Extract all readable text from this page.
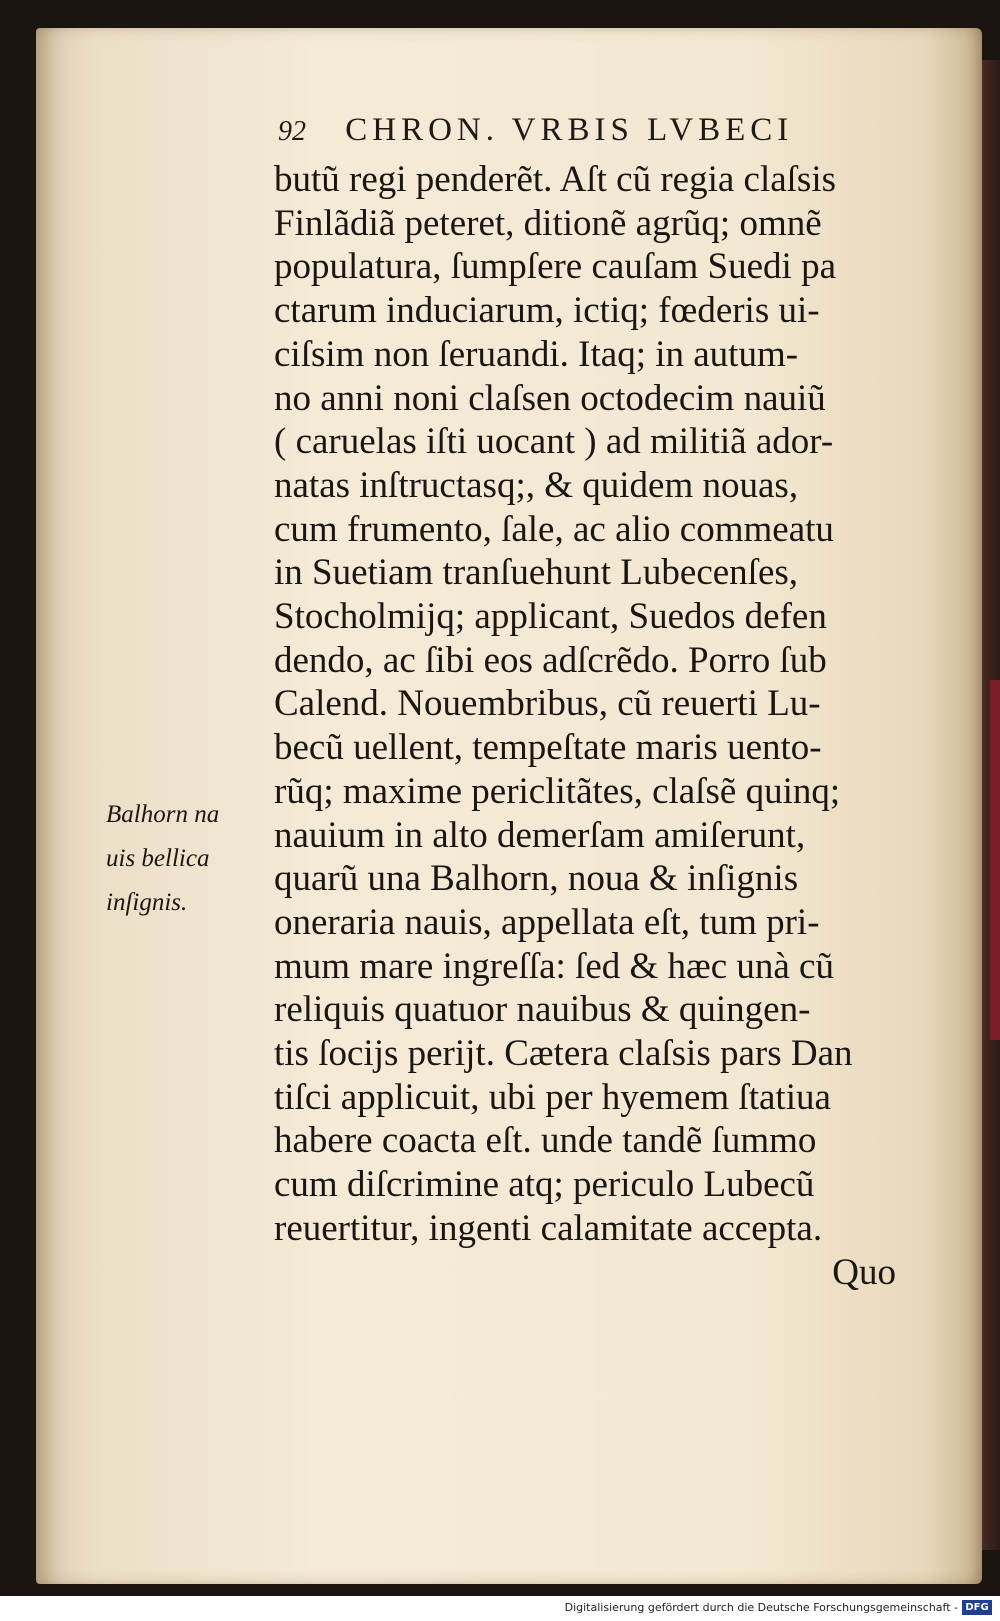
92 CHRON. VRBIS LVBECI
butũ regi penderẽt. Aſt cũ regia claſsis
Finlãdiã peteret, ditionẽ agrũq; omnẽ
populatura, ſumpſere cauſam Suedi pa
ctarum induciarum, ictiq; fœderis ui-
ciſsim non ſeruandi. Itaq; in autum-
no anni noni claſsen octodecim nauiũ
( caruelas iſti uocant ) ad militiã ador-
natas inſtructasq;, & quidem nouas,
cum frumento, ſale, ac alio commeatu
in Suetiam tranſuehunt Lubecenſes,
Stocholmijq; applicant, Suedos defen
dendo, ac ſibi eos adſcrẽdo. Porro ſub
Calend. Nouembribus, cũ reuerti Lu-
becũ uellent, tempeſtate maris uento-
rũq; maxime periclitãtes, claſsẽ quinq;
nauium in alto demerſam amiſerunt,
quarũ una Balhorn, noua & inſignis
oneraria nauis, appellata eſt, tum pri-
mum mare ingreſſa: ſed & hæc unà cũ
reliquis quatuor nauibus & quingen-
tis ſocijs perijt. Cætera claſsis pars Dan
tiſci applicuit, ubi per hyemem ſtatiua
habere coacta eſt. unde tandẽ ſummo
cum diſcrimine atq; periculo Lubecũ
reuertitur, ingenti calamitate accepta.
Quo
Balhorn na
uis bellica
inſignis.
Digitalisierung gefördert durch die Deutsche Forschungsgemeinschaft - DFG
